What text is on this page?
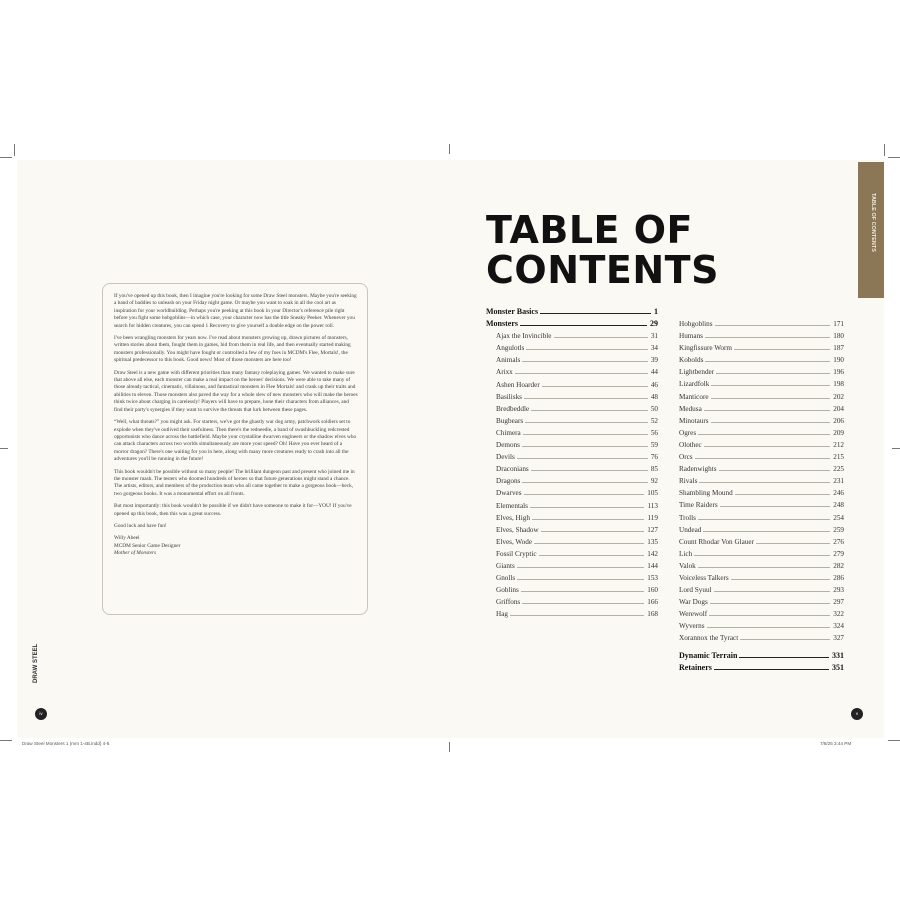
DRAW STEEL

If you've opened up this book, then I imagine you're looking for some Draw Steel monsters. Maybe you're seeking a band of baddies to unleash on your Friday night game. Or maybe you want to soak in all the cool art as inspiration for your worldbuilding. Perhaps you're peeking at this book in your Director's reference pile right before you fight some hobgoblins—in which case, your character now has the title Sneaky Peeker. Whenever you search for hidden creatures, you can spend 1 Recovery to give yourself a double edge on the power roll.

I've been wrangling monsters for years now. I've read about monsters growing up, drawn pictures of monsters, written stories about them, fought them in games, hid from them in real life, and then eventually started making monsters professionally. You might have fought or controlled a few of my foes in MCDM's Flee, Mortals!, the spiritual predecessor to this book. Good news! Most of those monsters are here too!

Draw Steel is a new game with different priorities than many fantasy roleplaying games. We wanted to make sure that above all else, each monster can make a real impact on the heroes' decisions. We were able to take many of those already tactical, cinematic, villainous, and fantastical monsters in Flee Mortals! and crank up their traits and abilities to eleven. Those monsters also paved the way for a whole slew of new monsters who will make the heroes think twice about charging in carelessly! Players will have to prepare, hone their characters from alliances, and find their party's synergies if they want to survive the threats that lurk between these pages.

“Well, what threats?” you might ask. For starters, we've got the ghastly war dog army, patchwork soldiers set to explode when they've outlived their usefulness. Then there's the redneedle, a band of swashbuckling redcrested opportunists who dance across the battlefield. Maybe your crystalline dwarven engineers or the shadow elves who can attack characters across two worlds simultaneously are more your speed? Oh! Have you ever heard of a morror dragon? There's one waiting for you in here, along with many more creatures ready to crash into all the adventures you'll be running in the future!

This book wouldn't be possible without so many people! The brilliant dungeon past and present who joined me in the monster mash. The testers who doomed hundreds of heroes so that future generations might stand a chance. The artists, editors, and members of the production team who all came together to make a gorgeous book—heck, two gorgeous books. It was a monumental effort on all fronts.

But most importantly: this book wouldn't be possible if we didn't have someone to make it for—YOU! If you've opened up this book, then this was a great success.

Good luck and have fun!

Willy Abeel
MCDM Senior Game Designer
Mother of Monsters

TABLE OF
CONTENTS
Monster Basics	1
Monsters	29
Ajax the Invincible	31
Angulotls	34
Animals	39
Arixx	44
Ashen Hoarder	46
Basilisks	48
Bredbeddle	50
Bugbears	52
Chimera	56
Demons	59
Devils	76
Draconians	85
Dragons	92
Dwarves	105
Elementals	113
Elves, High	119
Elves, Shadow	127
Elves, Wode	135
Fossil Cryptic	142
Giants	144
Gnolls	153
Goblins	160
Griffons	166
Hag	168
Hobgoblins	171
Humans	180
Kingfissure Worm	187
Kobolds	190
Lightbender	196
Lizardfolk	198
Manticore	202
Medusa	204
Minotaurs	206
Ogres	209
Olothec	212
Orcs	215
Radenwights	225
Rivals	231
Shambling Mound	246
Time Raiders	248
Trolls	254
Undead	259
Count Rhodar Von Glauer	276
Lich	279
Valok	282
Voiceless Talkers	286
Lord Syuul	293
War Dogs	297
Werewolf	322
Wyverns	324
Xorannox the Tyract	327
Dynamic Terrain	331
Retainers	351
TABLE OF CONTENTS
iv	v
Draw Steel Monsters 1 (mm 1-4B.indd) 4-5	7/8/25 3:44 PM
